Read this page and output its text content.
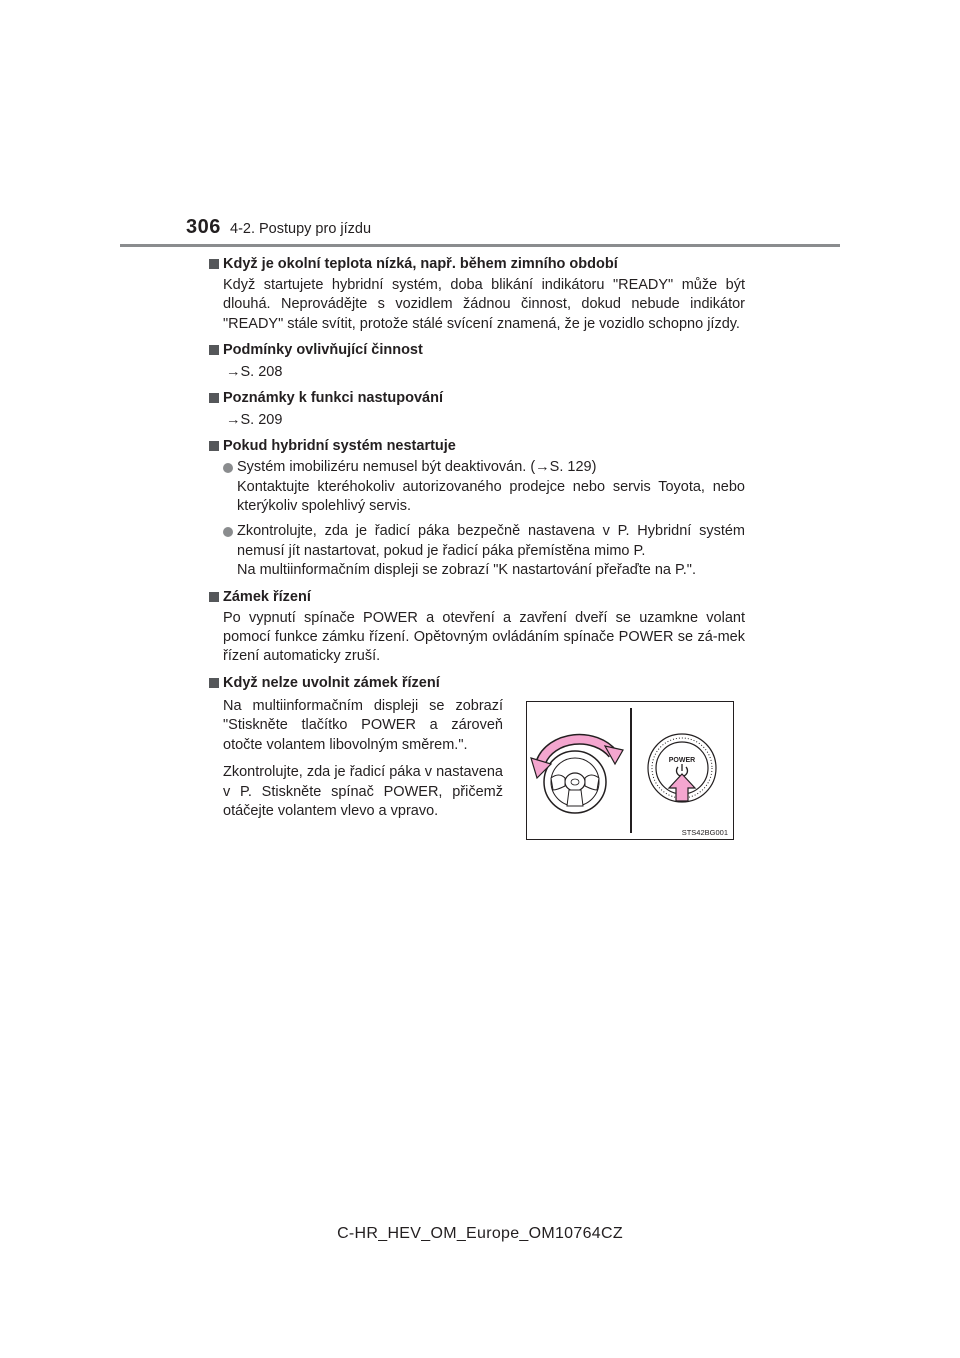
306 4-2. Postupy pro jízdu
Když je okolní teplota nízká, např. během zimního období
Když startujete hybridní systém, doba blikání indikátoru "READY" může být dlouhá. Neprovádějte s vozidlem žádnou činnost, dokud nebude indikátor "READY" stále svítit, protože stálé svícení znamená, že je vozidlo schopno jízdy.
Podmínky ovlivňující činnost
→S. 208
Poznámky k funkci nastupování
→S. 209
Pokud hybridní systém nestartuje

Systém imobilizéru nemusel být deaktivován. (→S. 129)

Kontaktujte kteréhokoliv autorizovaného prodejce nebo servis Toyota, nebo kterýkoliv spolehlivý servis.

Zkontrolujte, zda je řadicí páka bezpečně nastavena v P. Hybridní systém nemusí jít nastartovat, pokud je řadicí páka přemístěna mimo P.

Na multiinformačním displeji se zobrazí "K nastartování přeřaďte na P.".

Zámek řízení
Po vypnutí spínače POWER a otevření a zavření dveří se uzamkne volant pomocí funkce zámku řízení. Opětovným ovládáním spínače POWER se zá-mek řízení automaticky zruší.
Když nelze uvolnit zámek řízení

Na multiinformačním displeji se zobrazí "Stiskněte tlačítko POWER a zároveň otočte volantem libovolným směrem.".

Zkontrolujte, zda je řadicí páka v nastavena v P. Stiskněte spínač POWER, přičemž otáčejte volantem vlevo a vpravo.

POWER
STS42BG001
C-HR_HEV_OM_Europe_OM10764CZ
